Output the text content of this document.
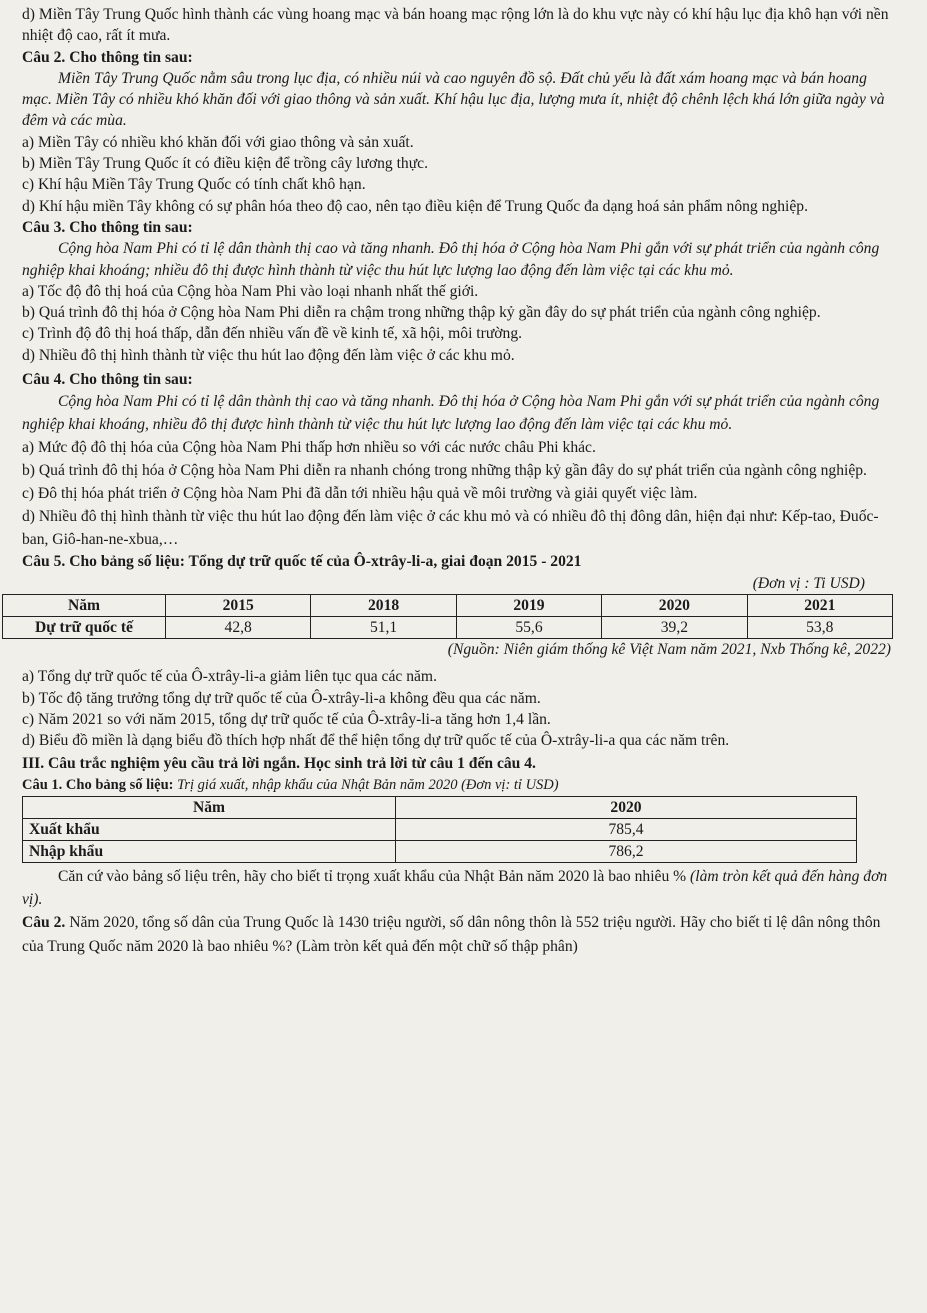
d) Miền Tây Trung Quốc hình thành các vùng hoang mạc và bán hoang mạc rộng lớn là do khu vực này có khí hậu lục địa khô hạn với nền nhiệt độ cao, rất ít mưa.

Câu 2. Cho thông tin sau:

Miền Tây Trung Quốc nằm sâu trong lục địa, có nhiều núi và cao nguyên đồ sộ. Đất chủ yếu là đất xám hoang mạc và bán hoang mạc. Miền Tây có nhiều khó khăn đối với giao thông và sản xuất. Khí hậu lục địa, lượng mưa ít, nhiệt độ chênh lệch khá lớn giữa ngày và đêm và các mùa.

a) Miền Tây có nhiều khó khăn đối với giao thông và sản xuất.

b) Miền Tây Trung Quốc ít có điều kiện để trồng cây lương thực.

c) Khí hậu Miền Tây Trung Quốc có tính chất khô hạn.

d) Khí hậu miền Tây không có sự phân hóa theo độ cao, nên tạo điều kiện để Trung Quốc đa dạng hoá sản phẩm nông nghiệp.

Câu 3. Cho thông tin sau:

Cộng hòa Nam Phi có tỉ lệ dân thành thị cao và tăng nhanh. Đô thị hóa ở Cộng hòa Nam Phi gắn với sự phát triển của ngành công nghiệp khai khoáng; nhiều đô thị được hình thành từ việc thu hút lực lượng lao động đến làm việc tại các khu mỏ.

a) Tốc độ đô thị hoá của Cộng hòa Nam Phi vào loại nhanh nhất thế giới.

b) Quá trình đô thị hóa ở Cộng hòa Nam Phi diễn ra chậm trong những thập kỷ gần đây do sự phát triển của ngành công nghiệp.

c) Trình độ đô thị hoá thấp, dẫn đến nhiều vấn đề về kinh tế, xã hội, môi trường.

d) Nhiều đô thị hình thành từ việc thu hút lao động đến làm việc ở các khu mỏ.

Câu 4. Cho thông tin sau:

Cộng hòa Nam Phi có tỉ lệ dân thành thị cao và tăng nhanh. Đô thị hóa ở Cộng hòa Nam Phi gắn với sự phát triển của ngành công nghiệp khai khoáng, nhiều đô thị được hình thành từ việc thu hút lực lượng lao động đến làm việc tại các khu mỏ.

a) Mức độ đô thị hóa của Cộng hòa Nam Phi thấp hơn nhiều so với các nước châu Phi khác.

b) Quá trình đô thị hóa ở Cộng hòa Nam Phi diễn ra nhanh chóng trong những thập kỷ gần đây do sự phát triển của ngành công nghiệp.

c) Đô thị hóa phát triển ở Cộng hòa Nam Phi đã dẫn tới nhiều hậu quả về môi trường và giải quyết việc làm.

d) Nhiều đô thị hình thành từ việc thu hút lao động đến làm việc ở các khu mỏ và có nhiều đô thị đông dân, hiện đại như: Kếp-tao, Đuốc-ban, Giô-han-ne-xbua,…

Câu 5. Cho bảng số liệu: Tổng dự trữ quốc tế của Ô-xtrây-li-a, giai đoạn 2015 - 2021

(Đơn vị : Ti USD)

Năm	2015	2018	2019	2020	2021
Dự trữ quốc tế	42,8	51,1	55,6	39,2	53,8

(Nguồn: Niên giám thống kê Việt Nam năm 2021, Nxb Thống kê, 2022)

a) Tổng dự trữ quốc tế của Ô-xtrây-li-a giảm liên tục qua các năm.

b) Tốc độ tăng trưởng tổng dự trữ quốc tế của Ô-xtrây-li-a không đều qua các năm.

c) Năm 2021 so với năm 2015, tổng dự trữ quốc tế của Ô-xtrây-li-a tăng hơn 1,4 lần.

d) Biểu đồ miền là dạng biểu đồ thích hợp nhất để thể hiện tổng dự trữ quốc tế của Ô-xtrây-li-a qua các năm trên.

III. Câu trắc nghiệm yêu cầu trả lời ngắn. Học sinh trả lời từ câu 1 đến câu 4.

Câu 1. Cho bảng số liệu: Trị giá xuất, nhập khẩu của Nhật Bản năm 2020 (Đơn vị: tỉ USD)

Năm	2020
Xuất khẩu	785,4
Nhập khẩu	786,2

Căn cứ vào bảng số liệu trên, hãy cho biết tỉ trọng xuất khẩu của Nhật Bản năm 2020 là bao nhiêu % (làm tròn kết quả đến hàng đơn vị).

Câu 2. Năm 2020, tổng số dân của Trung Quốc là 1430 triệu người, số dân nông thôn là 552 triệu người. Hãy cho biết tỉ lệ dân nông thôn của Trung Quốc năm 2020 là bao nhiêu %? (Làm tròn kết quả đến một chữ số thập phân)
